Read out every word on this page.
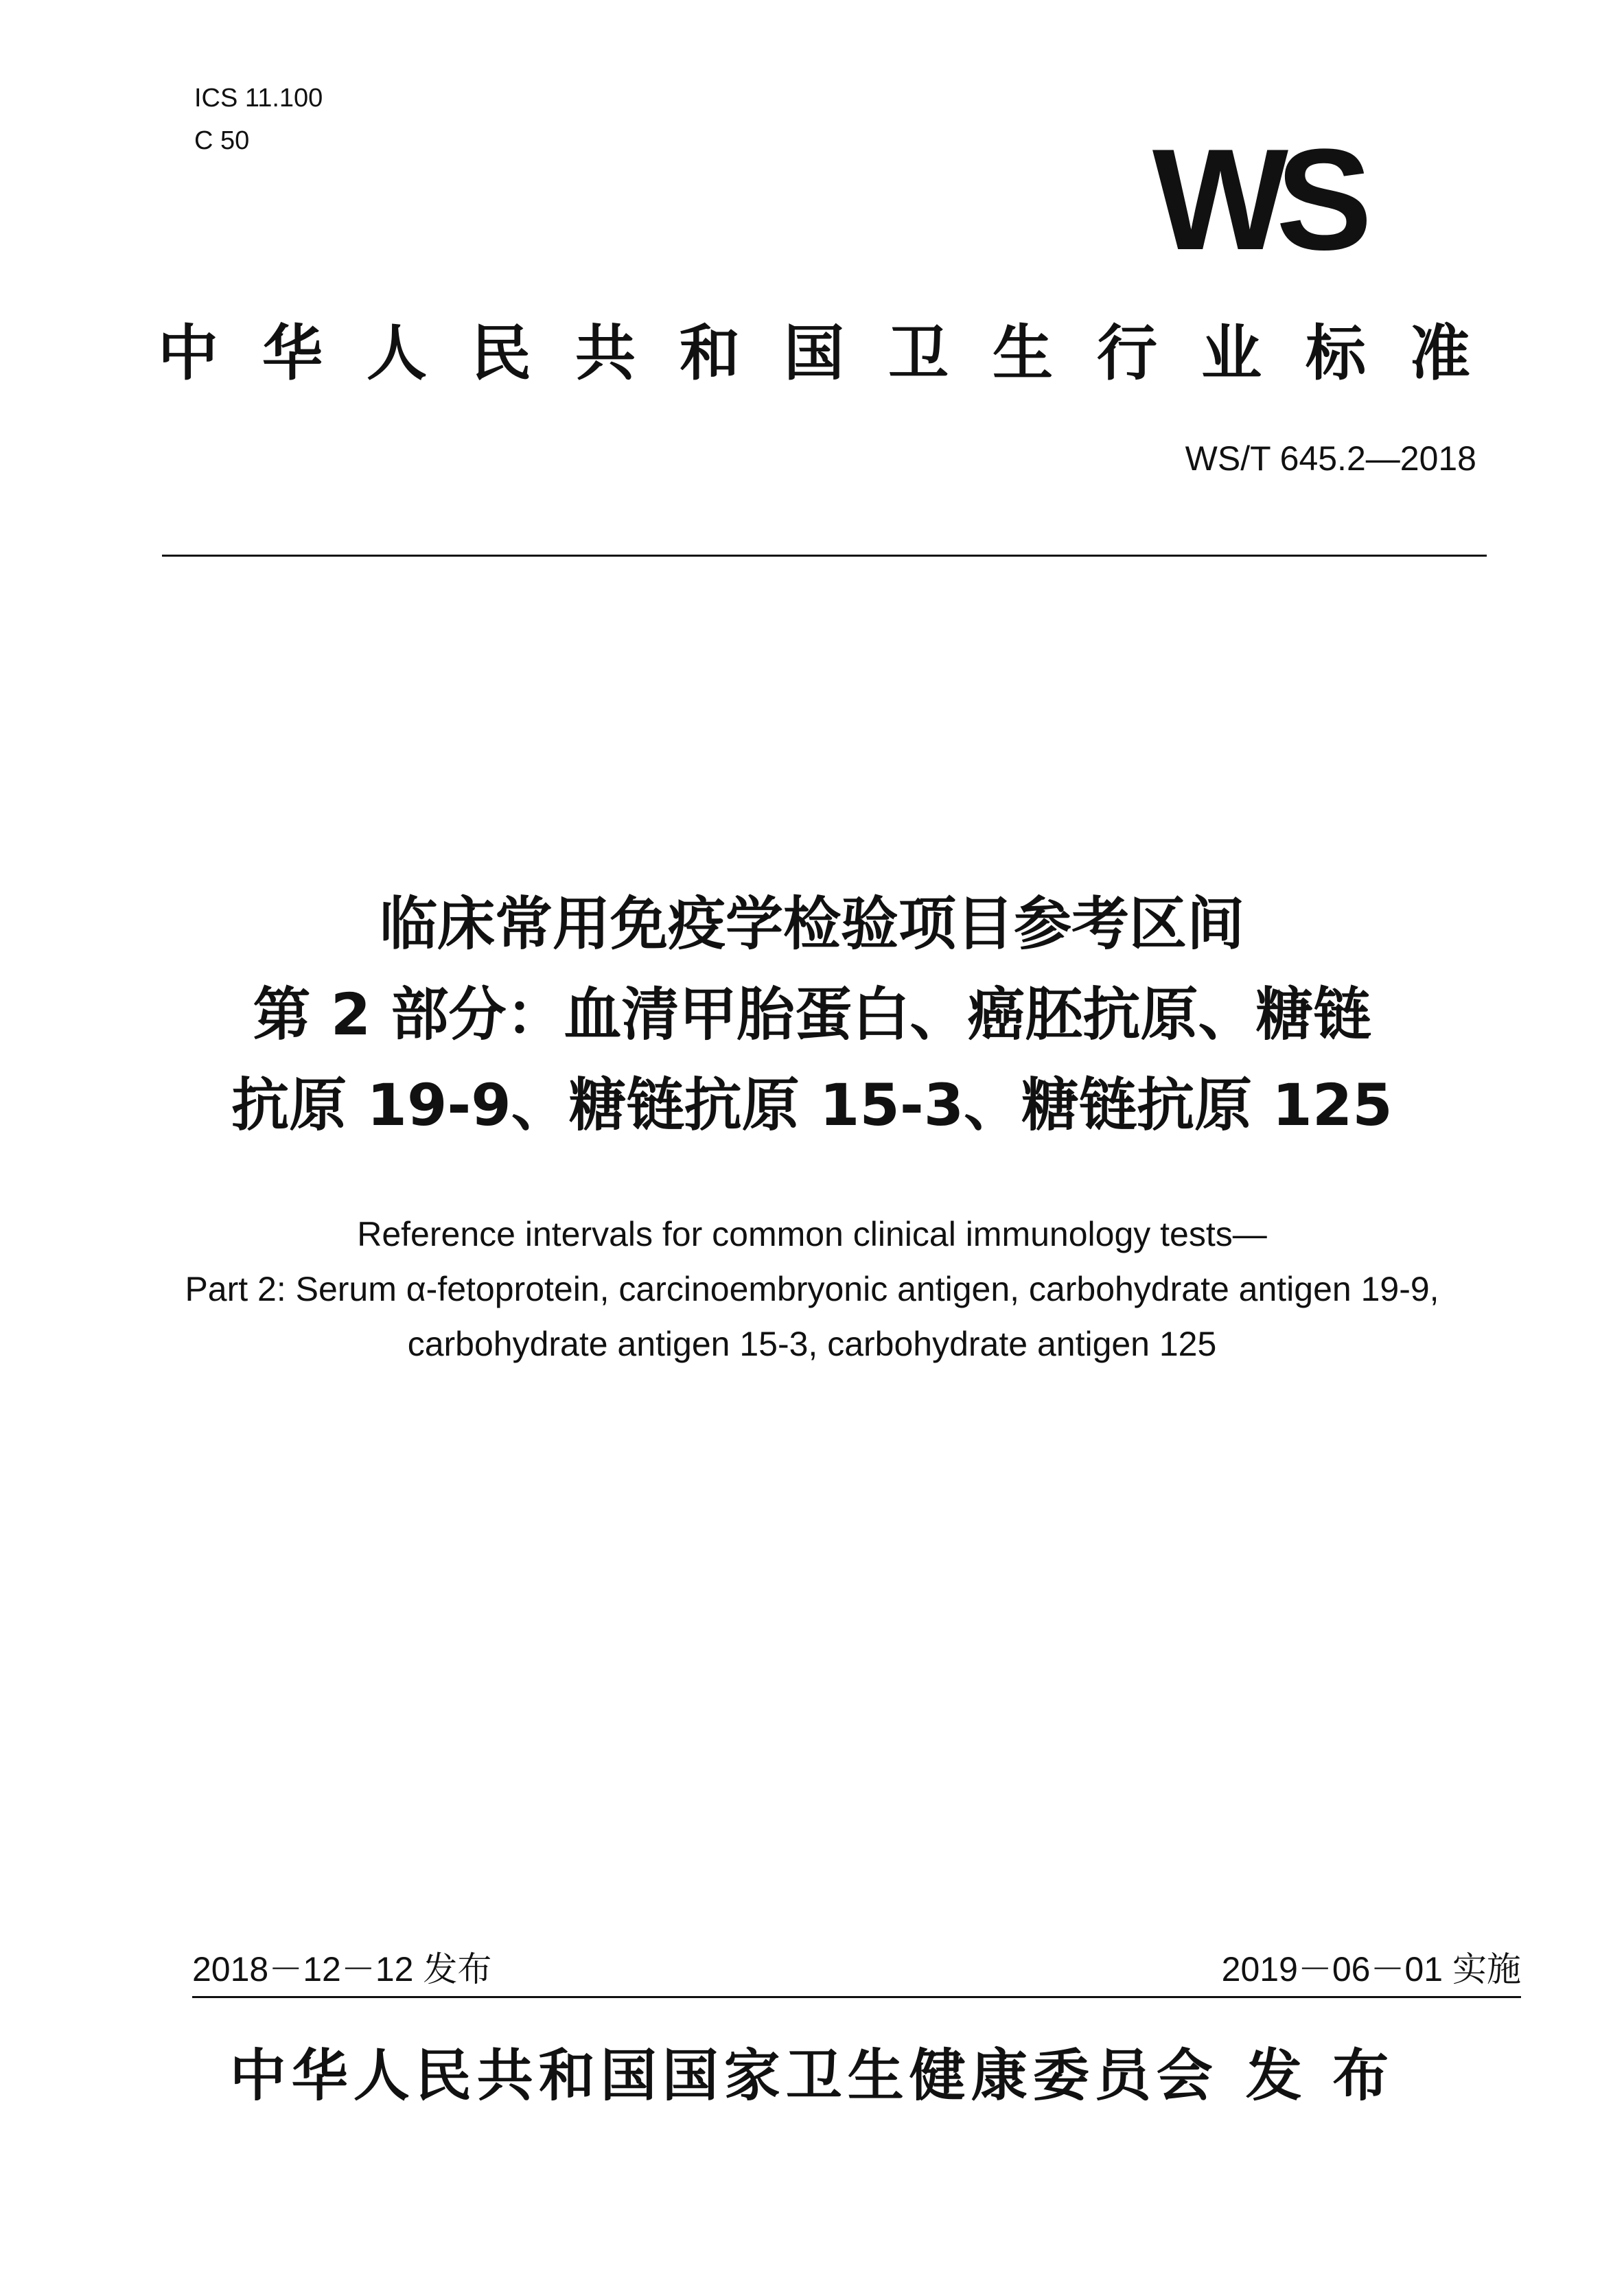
ICS 11.100
C 50	WS
中华人民共和国卫生行业标准
WS/T 645.2—2018
临床常用免疫学检验项目参考区间
第 2 部分：血清甲胎蛋白、癌胚抗原、糖链
抗原 19-9、糖链抗原 15-3、糖链抗原 125
Reference intervals for common clinical immunology tests—
Part 2: Serum α-fetoprotein, carcinoembryonic antigen, carbohydrate antigen 19-9,
carbohydrate antigen 15-3, carbohydrate antigen 125
2018－12－12 发布	2019－06－01 实施
中华人民共和国国家卫生健康委员会 发 布
